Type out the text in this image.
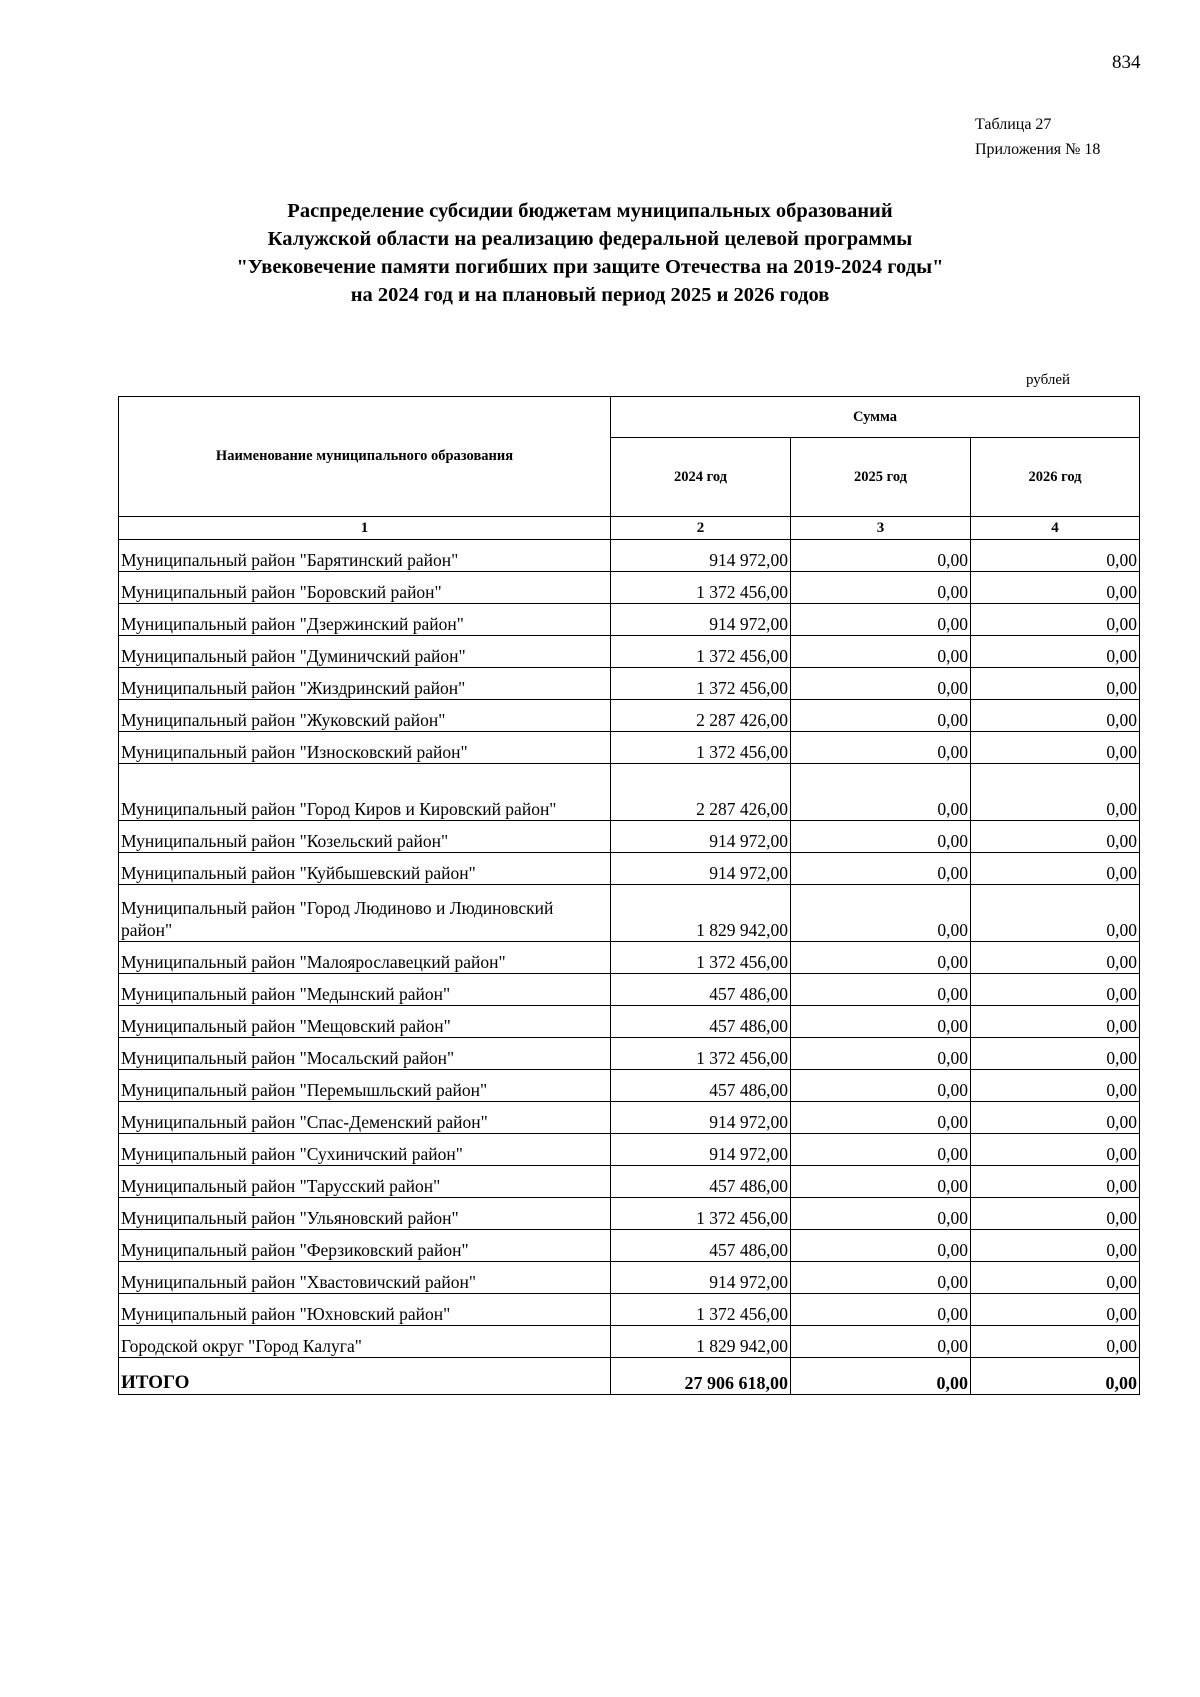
834
Таблица 27
Приложения № 18
Распределение субсидии бюджетам муниципальных образований
Калужской области на реализацию федеральной целевой программы
"Увековечение памяти погибших при защите Отечества на 2019-2024 годы"
на 2024 год и на плановый период 2025 и 2026 годов
рублей
Наименование муниципального образования	Сумма		
	2024 год	2025 год	2026 год
1	2	3	4
Муниципальный район "Барятинский район"	914 972,00	0,00	0,00
Муниципальный район "Боровский район"	1 372 456,00	0,00	0,00
Муниципальный район "Дзержинский район"	914 972,00	0,00	0,00
Муниципальный район "Думиничский район"	1 372 456,00	0,00	0,00
Муниципальный район "Жиздринский район"	1 372 456,00	0,00	0,00
Муниципальный район "Жуковский район"	2 287 426,00	0,00	0,00
Муниципальный район "Износковский район"	1 372 456,00	0,00	0,00
Муниципальный район "Город Киров и Кировский район"	2 287 426,00	0,00	0,00
Муниципальный район "Козельский район"	914 972,00	0,00	0,00
Муниципальный район "Куйбышевский район"	914 972,00	0,00	0,00
Муниципальный район "Город Людиново и Людиновский район"	1 829 942,00	0,00	0,00
Муниципальный район "Малоярославецкий район"	1 372 456,00	0,00	0,00
Муниципальный район "Медынский район"	457 486,00	0,00	0,00
Муниципальный район "Мещовский район"	457 486,00	0,00	0,00
Муниципальный район "Мосальский район"	1 372 456,00	0,00	0,00
Муниципальный район "Перемышльский район"	457 486,00	0,00	0,00
Муниципальный район "Спас-Деменский район"	914 972,00	0,00	0,00
Муниципальный район "Сухиничский район"	914 972,00	0,00	0,00
Муниципальный район "Тарусский район"	457 486,00	0,00	0,00
Муниципальный район "Ульяновский район"	1 372 456,00	0,00	0,00
Муниципальный район "Ферзиковский район"	457 486,00	0,00	0,00
Муниципальный район "Хвастовичский район"	914 972,00	0,00	0,00
Муниципальный район "Юхновский район"	1 372 456,00	0,00	0,00
Городской округ "Город Калуга"	1 829 942,00	0,00	0,00
ИТОГО	27 906 618,00	0,00	0,00
